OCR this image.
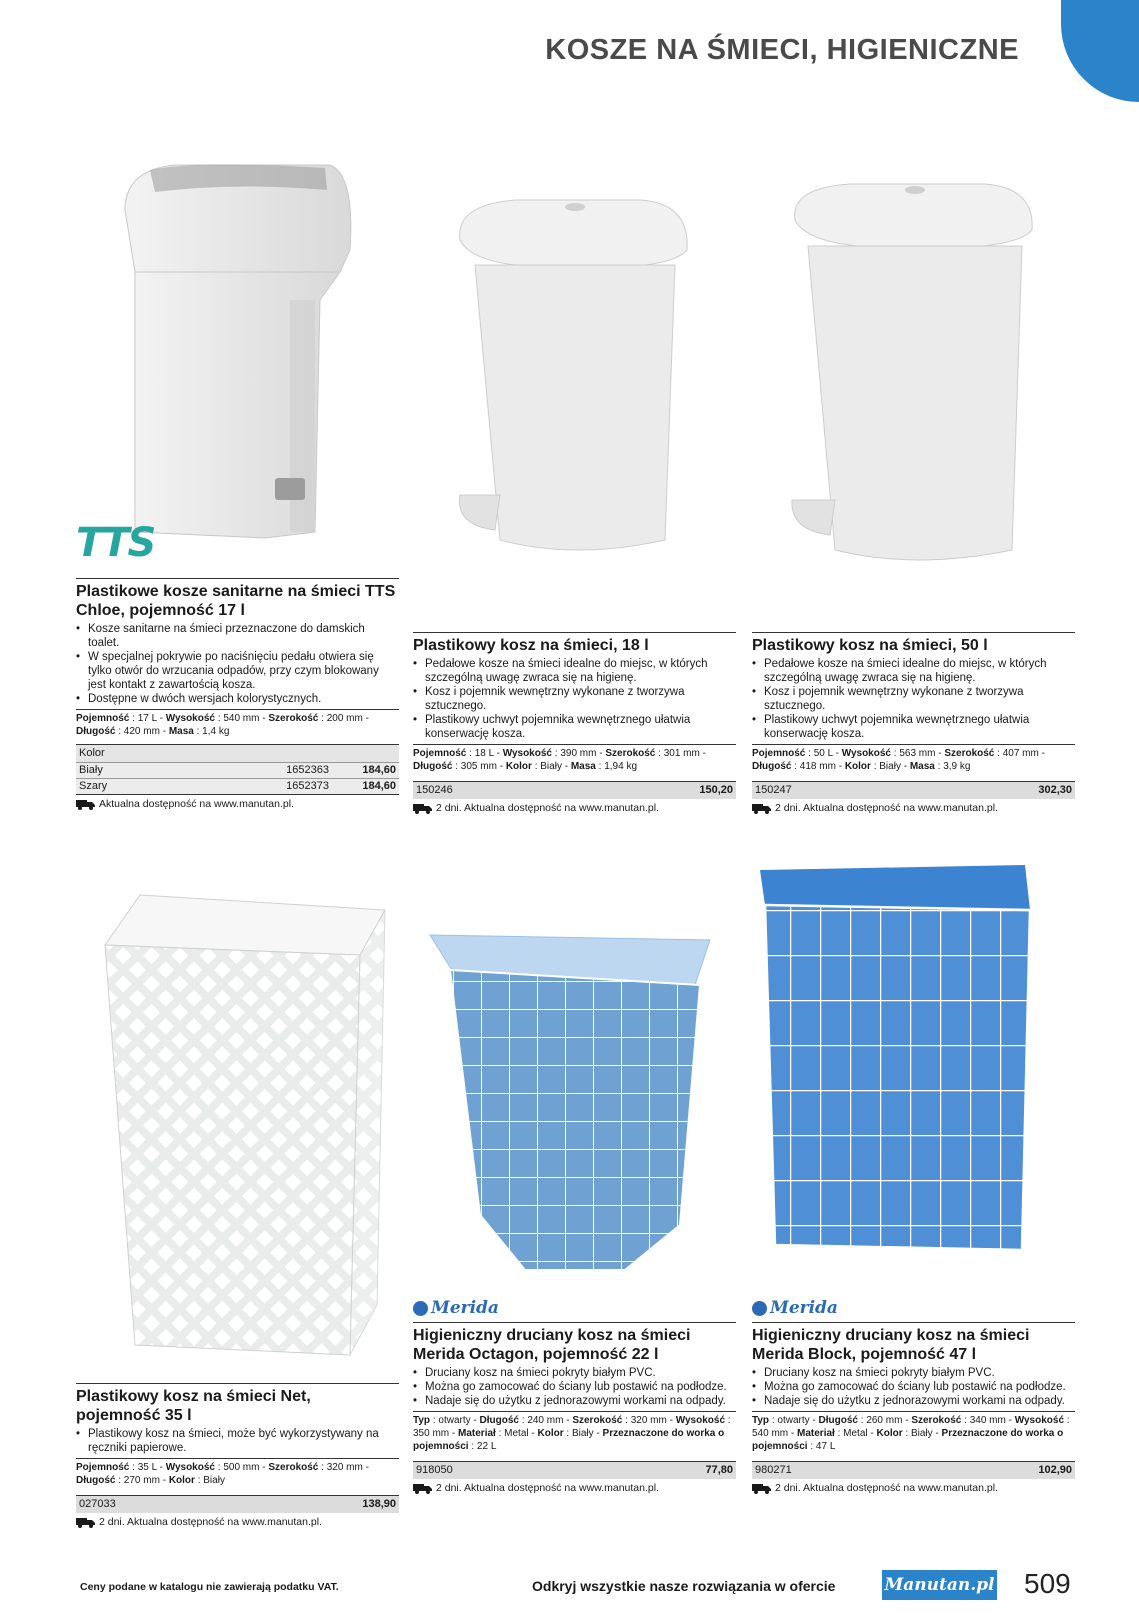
KOSZE NA ŚMIECI, HIGIENICZNE
TTS
Merida	Merida
Plastikowe kosze sanitarne na śmieci TTS Chloe, pojemność 17 l
• Kosze sanitarne na śmieci przeznaczone do damskich toalet.
• W specjalnej pokrywie po naciśnięciu pedału otwiera się tylko otwór do wrzucania odpadów, przy czym blokowany jest kontakt z zawartością kosza.
• Dostępne w dwóch wersjach kolorystycznych.
Pojemność : 17 L - Wysokość : 540 mm - Szerokość : 200 mm - Długość : 420 mm - Masa : 1,4 kg
Kolor
Biały	1652363	184,60
Szary	1652373	184,60
Aktualna dostępność na www.manutan.pl.
Plastikowy kosz na śmieci, 18 l
• Pedałowe kosze na śmieci idealne do miejsc, w których szczególną uwagę zwraca się na higienę.
• Kosz i pojemnik wewnętrzny wykonane z tworzywa sztucznego.
• Plastikowy uchwyt pojemnika wewnętrznego ułatwia konserwację kosza.
Pojemność : 18 L - Wysokość : 390 mm - Szerokość : 301 mm - Długość : 305 mm - Kolor : Biały - Masa : 1,94 kg
150246	150,20
2 dni. Aktualna dostępność na www.manutan.pl.
Plastikowy kosz na śmieci, 50 l
• Pedałowe kosze na śmieci idealne do miejsc, w których szczególną uwagę zwraca się na higienę.
• Kosz i pojemnik wewnętrzny wykonane z tworzywa sztucznego.
• Plastikowy uchwyt pojemnika wewnętrznego ułatwia konserwację kosza.
Pojemność : 50 L - Wysokość : 563 mm - Szerokość : 407 mm - Długość : 418 mm - Kolor : Biały - Masa : 3,9 kg
150247	302,30
2 dni. Aktualna dostępność na www.manutan.pl.
Plastikowy kosz na śmieci Net, pojemność 35 l
• Plastikowy kosz na śmieci, może być wykorzystywany na ręczniki papierowe.
Pojemność : 35 L - Wysokość : 500 mm - Szerokość : 320 mm - Długość : 270 mm - Kolor : Biały
027033	138,90
2 dni. Aktualna dostępność na www.manutan.pl.
Higieniczny druciany kosz na śmieci Merida Octagon, pojemność 22 l
• Druciany kosz na śmieci pokryty białym PVC.
• Można go zamocować do ściany lub postawić na podłodze.
• Nadaje się do użytku z jednorazowymi workami na odpady.
Typ : otwarty - Długość : 240 mm - Szerokość : 320 mm - Wysokość : 350 mm - Materiał : Metal - Kolor : Biały - Przeznaczone do worka o pojemności : 22 L
918050	77,80
2 dni. Aktualna dostępność na www.manutan.pl.
Higieniczny druciany kosz na śmieci Merida Block, pojemność 47 l
• Druciany kosz na śmieci pokryty białym PVC.
• Można go zamocować do ściany lub postawić na podłodze.
• Nadaje się do użytku z jednorazowymi workami na odpady.
Typ : otwarty - Długość : 260 mm - Szerokość : 340 mm - Wysokość : 540 mm - Materiał : Metal - Kolor : Biały - Przeznaczone do worka o pojemności : 47 L
980271	102,90
2 dni. Aktualna dostępność na www.manutan.pl.
Ceny podane w katalogu nie zawierają podatku VAT.	Odkryj wszystkie nasze rozwiązania w ofercie	Manutan.pl 509
